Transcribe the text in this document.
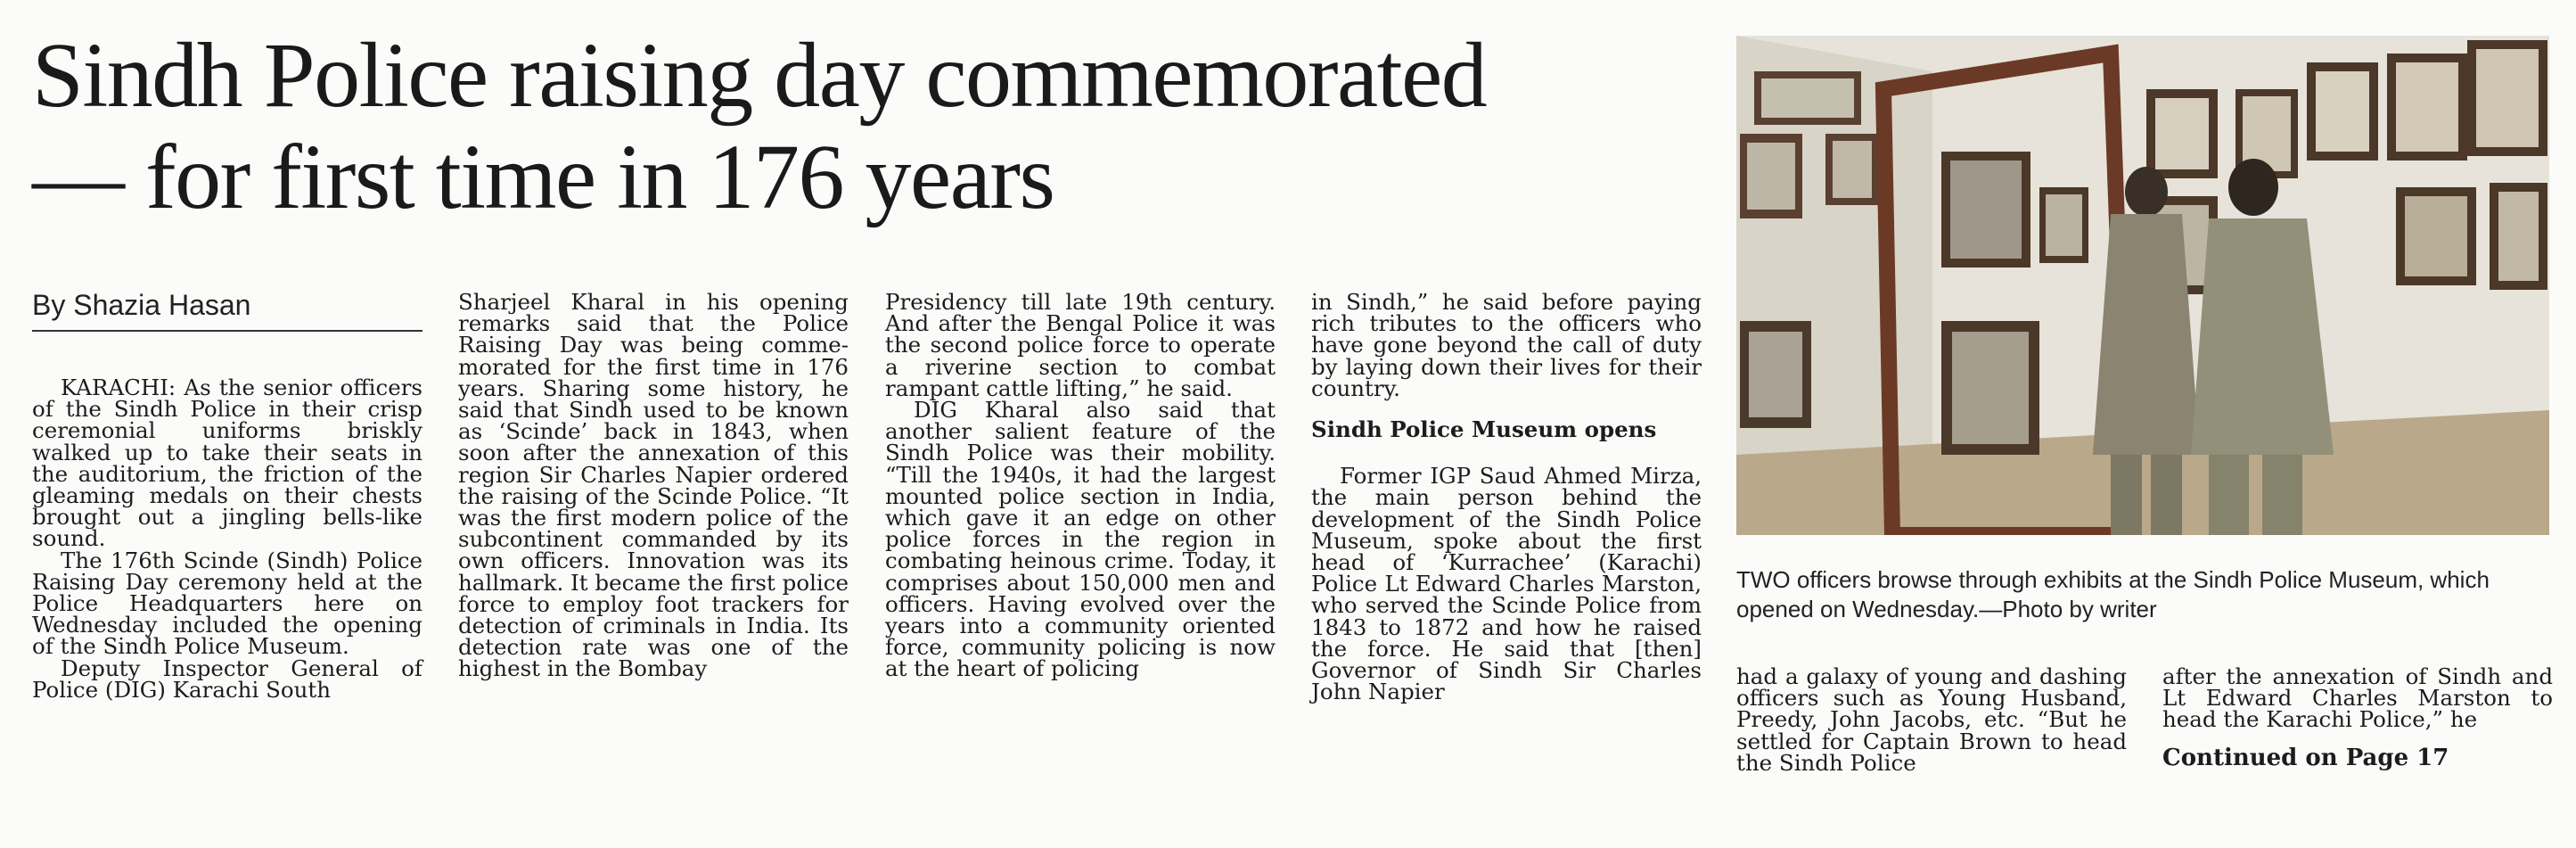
Sindh Police raising day commemorated
— for first time in 176 years
By Shazia Hasan

KARACHI: As the senior officers of the Sindh Police in their crisp ceremonial uniforms briskly walked up to take their seats in the auditorium, the friction of the gleaming medals on their chests brought out a jingling bells-like sound.

The 176th Scinde (Sindh) Police Raising Day ceremony held at the Police Headquarters here on Wednesday included the opening of the Sindh Police Museum.

Deputy Inspector General of Police (DIG) Karachi South

Sharjeel Kharal in his opening remarks said that the Police Raising Day was being commemorated for the first time in 176 years. Sharing some history, he said that Sindh used to be known as ‘Scinde’ back in 1843, when soon after the annexation of this region Sir Charles Napier ordered the raising of the Scinde Police. “It was the first modern police of the subcontinent commanded by its own officers. Innovation was its hallmark. It became the first police force to employ foot trackers for detection of criminals in India. Its detection rate was one of the highest in the Bombay

Presidency till late 19th century. And after the Bengal Police it was the second police force to operate a riverine section to combat rampant cattle lifting,” he said.

DIG Kharal also said that another salient feature of the Sindh Police was their mobility. “Till the 1940s, it had the largest mounted police section in India, which gave it an edge on other police forces in the region in combating heinous crime. Today, it comprises about 150,000 men and officers. Having evolved over the years into a community oriented force, community policing is now at the heart of policing

in Sindh,” he said before paying rich tributes to the officers who have gone beyond the call of duty by laying down their lives for their country.

Sindh Police Museum opens

Former IGP Saud Ahmed Mirza, the main person behind the development of the Sindh Police Museum, spoke about the first head of ‘Kurrachee’ (Karachi) Police Lt Edward Charles Marston, who served the Scinde Police from 1843 to 1872 and how he raised the force. He said that [then] Governor of Sindh Sir Charles John Napier

had a galaxy of young and dashing officers such as Young Husband, Preedy, John Jacobs, etc. “But he settled for Captain Brown to head the Sindh Police

after the annexation of Sindh and Lt Edward Charles Marston to head the Karachi Police,” he

Continued on Page 17

TWO officers browse through exhibits at the Sindh Police Museum, which opened on Wednesday.—Photo by writer
